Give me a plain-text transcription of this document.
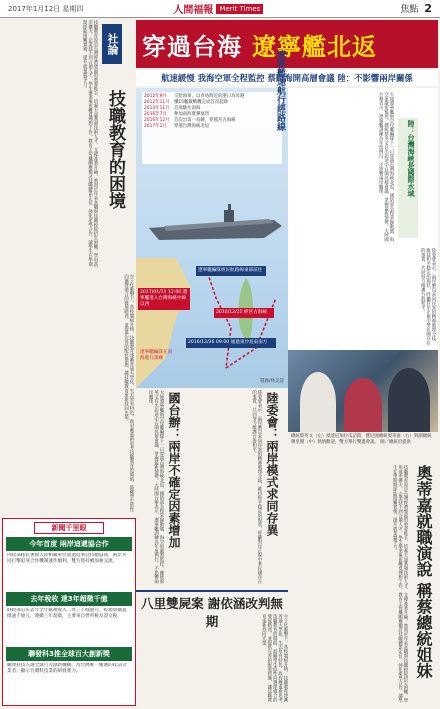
2017年1月12日 星期四	人間福報 Merit Times	焦點 2
社論
技職教育的困境
技職教育原是台灣經濟發展的重要推手，培養大量基層技術人才，支撐產業升級。然而近年來高職與技職校院招生困難，學用落差擴大，企業找不到合適人才，學生畢業後也難覓理想工作。教育主管機關應檢討技職體系定位，強化產學合作，讓學生在學期間即能接觸實務，提升就業競爭力。
少子化衝擊下，各校競相升格，技職教育逐漸普通大學化，失去原有特色。政府應重新思考技職教育的價值，鼓勵學生依性向選擇適合的發展路徑，並提供完善的配套措施，讓技職教育重新找回光榮。
新聞千里眼
今年首度 兩岸這遞協合作
內政部移民署與大陸相關單位就遣返事宜持續協商，兩岸共同打擊犯罪合作機制運作順利，雙方將持續加強交流。
去年稅收 達3年超徵千億
財政部公布去年全年賦稅收入二兆三千餘億元，較預算數超徵逾千億元，連續三年超徵，主要來自營所稅及證交稅。
聯發科3推全球百大創新獎
聯發科技入選全球百大創新機構，為台灣唯一獲選的IC設計業者，顯示台灣科技業的研發實力。
穿過台海 遼寧艦北返
航速緩慢 我海空軍全程監控 蔡跨海開高層會議 陸：不影響兩岸關係
2012年9月	交給海軍，以青島附近的港口為母港
2012年11月	殲15艦載戰機完成首次起降
2013年11月	首度駛往南海
2016年7月	參加南海實彈演習
2016年12月	首次出第一島鏈，穿越宮古海峽
2017年1月	穿越台灣海峽北返
遼寧艦編隊經民航路線東部前往
2017/01/11 12:00 遼寧艦進入台灣海峽中線以西
2016/12/25 經宮古海峽
2016/12/26 09:00 通過東沙島東南方
遼寧艦編隊在南海進行訓練
製圖/林美慧
遼寧艦遠航行經路線
大陸遼寧艦航空母艦編隊十一日穿越台灣海峽北返，國防部全程掌握動態，海空軍嚴密監控。總統蔡英文在出訪途中召開高層會議，掌握最新情勢。大陸國台辦表示，遼寧艦訓練為年度例行，不影響兩岸關係。	陸：台灣海峽是國際水域
陸委會表示，兩岸應以求同存異的精神處理分歧，維持和平穩定的現狀，呼籲對岸正視中華民國存在的事實，共同努力維護台海和平。
總統蔡英文（左）抵達尼加拉瓜訪問，獲尼國總統奧蒂嘉（右）與副總統穆里優（中）熱情歡迎，雙方舉行雙邊會談。 圖／總統府提供
陸委會：兩岸模式求同存異
國台辦：兩岸不確定因素增加
大陸遼寧艦航空母艦編隊十一日穿越台灣海峽北返，國防部全程掌握動態，海空軍嚴密監控。總統蔡英文在出訪途中召開高層會議，掌握最新情勢。大陸國台辦表示，遼寧艦訓練為年度例行，不影響兩岸關係。	陸委會表示，兩岸應以求同存異的精神處理分歧，維持和平穩定的現狀，呼籲對岸正視中華民國存在的事實，共同努力維護台海和平。
奧蒂嘉就職演說 稱蔡總統姐妹
技職教育原是台灣經濟發展的重要推手，培養大量基層技術人才，支撐產業升級。然而近年來高職與技職校院招生困難，學用落差擴大，企業找不到合適人才，學生畢業後也難覓理想工作。教育主管機關應檢討技職體系定位，強化產學合作，讓學生在學期間即能接觸實務，提升就業競爭力。
八里雙屍案 謝依涵改判無期	少子化衝擊下，各校競相升格，技職教育逐漸普通大學化，失去原有特色。政府應重新思考技職教育的價值，鼓勵學生依性向選擇適合的發展路徑，並提供完善的配套措施，讓技職教育重新找回光榮。
